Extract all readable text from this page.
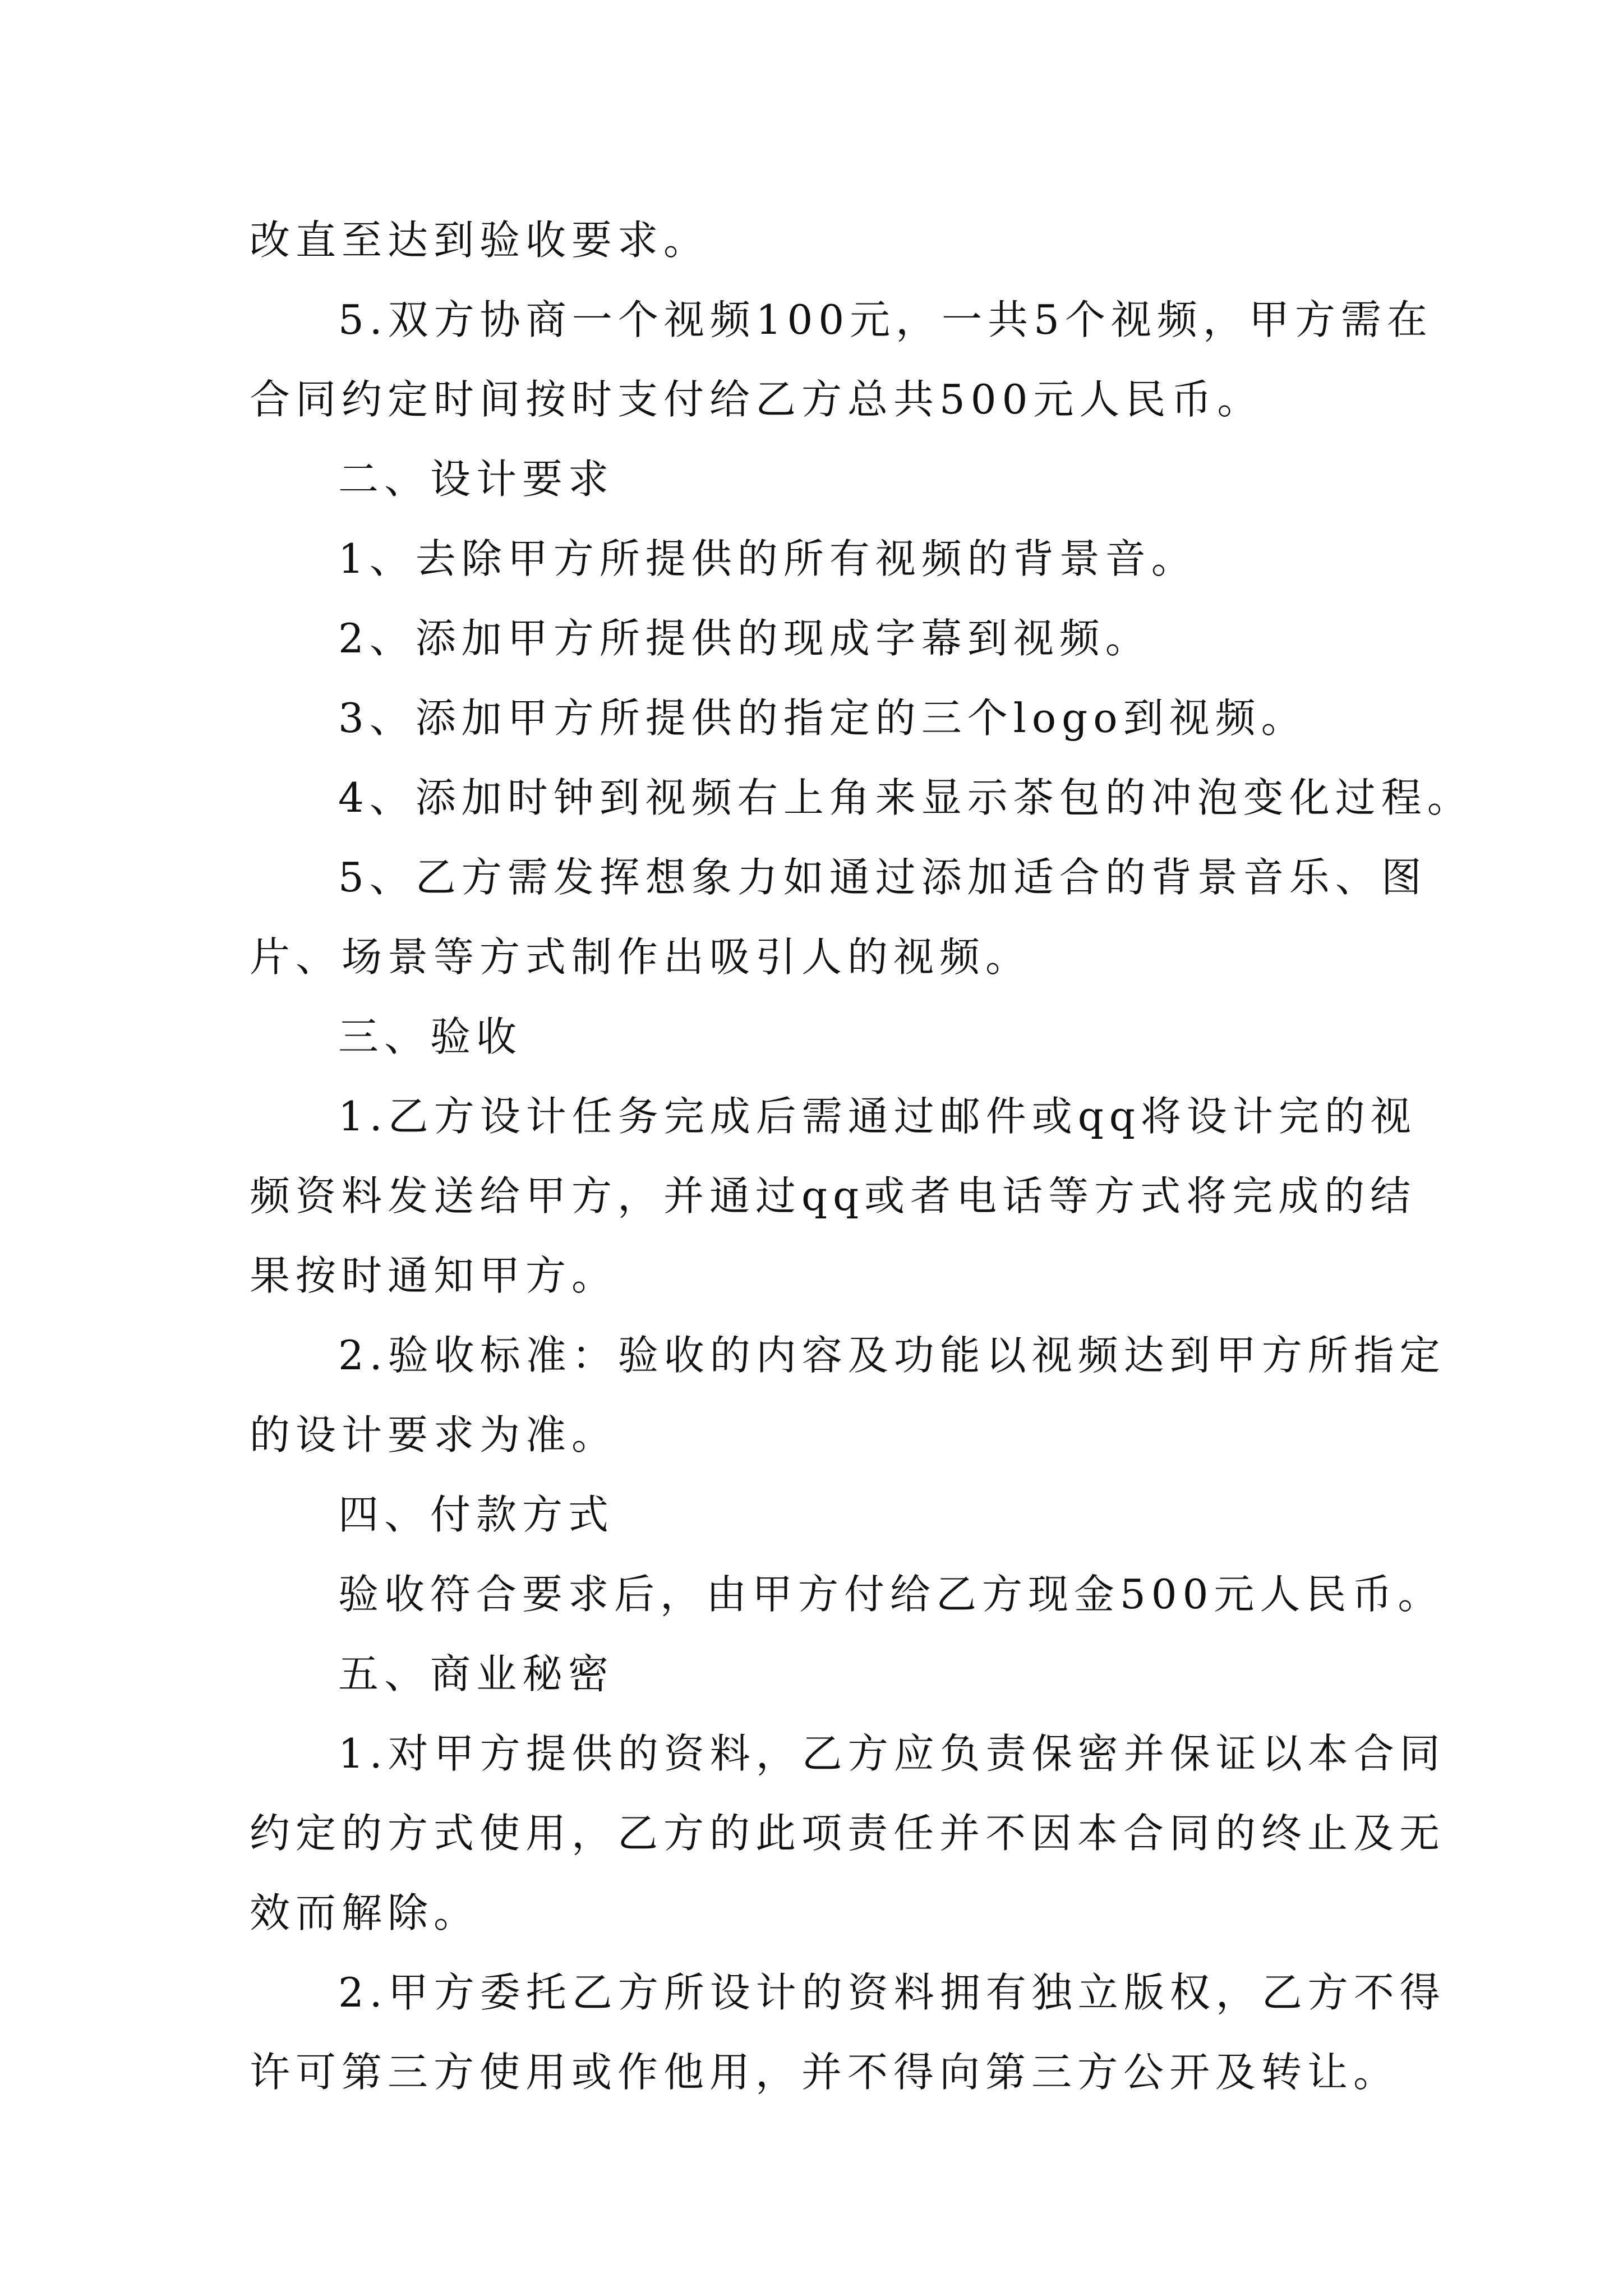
改直至达到验收要求。
5.双方协商一个视频100元，一共5个视频，甲方需在
合同约定时间按时支付给乙方总共500元人民币。
二、设计要求
1、去除甲方所提供的所有视频的背景音。
2、添加甲方所提供的现成字幕到视频。
3、添加甲方所提供的指定的三个logo到视频。
4、添加时钟到视频右上角来显示茶包的冲泡变化过程。
5、乙方需发挥想象力如通过添加适合的背景音乐、图
片、场景等方式制作出吸引人的视频。
三、验收
1.乙方设计任务完成后需通过邮件或qq将设计完的视
频资料发送给甲方，并通过qq或者电话等方式将完成的结
果按时通知甲方。
2.验收标准：验收的内容及功能以视频达到甲方所指定
的设计要求为准。
四、付款方式
验收符合要求后，由甲方付给乙方现金500元人民币。
五、商业秘密
1.对甲方提供的资料，乙方应负责保密并保证以本合同
约定的方式使用，乙方的此项责任并不因本合同的终止及无
效而解除。
2.甲方委托乙方所设计的资料拥有独立版权，乙方不得
许可第三方使用或作他用，并不得向第三方公开及转让。
